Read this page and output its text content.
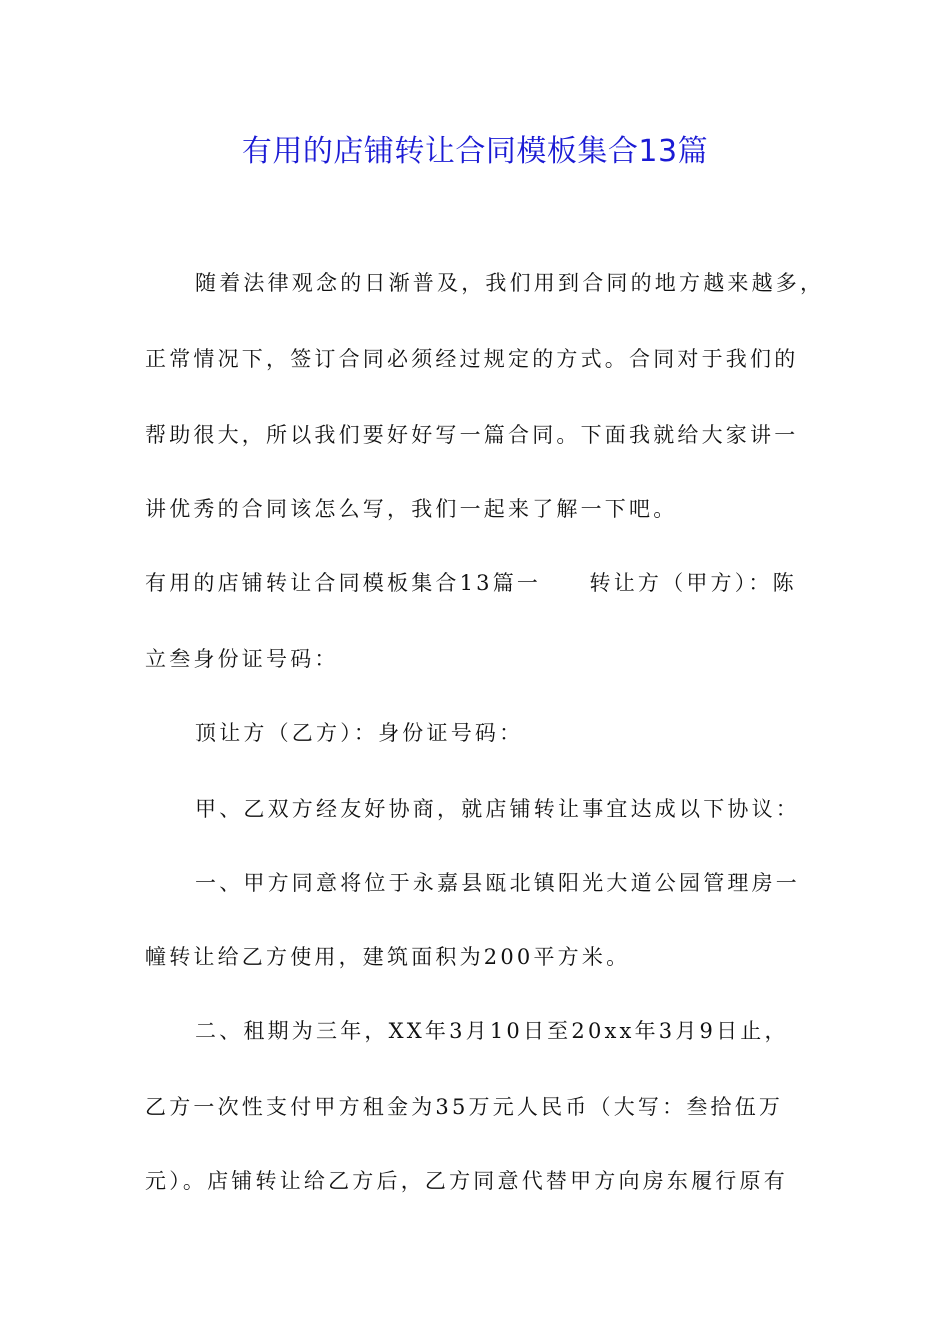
有用的店铺转让合同模板集合13篇

随着法律观念的日渐普及，我们用到合同的地方越来越多，

正常情况下，签订合同必须经过规定的方式。合同对于我们的

帮助很大，所以我们要好好写一篇合同。下面我就给大家讲一

讲优秀的合同该怎么写，我们一起来了解一下吧。

有用的店铺转让合同模板集合13篇一　　转让方（甲方）：陈

立叁身份证号码：

顶让方（乙方）：身份证号码：

甲、乙双方经友好协商，就店铺转让事宜达成以下协议：

一、甲方同意将位于永嘉县瓯北镇阳光大道公园管理房一

幢转让给乙方使用，建筑面积为200平方米。

二、租期为三年，XX年3月10日至20xx年3月9日止，

乙方一次性支付甲方租金为35万元人民币（大写：叁拾伍万

元）。店铺转让给乙方后，乙方同意代替甲方向房东履行原有
